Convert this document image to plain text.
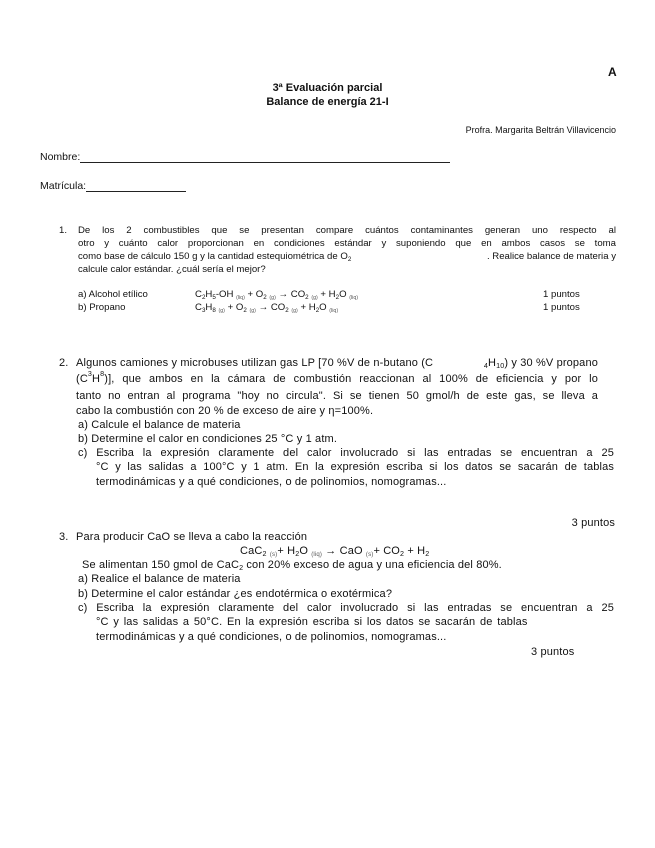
A
3ª Evaluación parcial
Balance de energía 21-I
Profra. Margarita Beltrán Villavicencio
Nombre:
Matrícula:
1. De los 2 combustibles que se presentan compare cuántos contaminantes generan uno respecto al
otro y cuánto calor proporcionan en condiciones estándar y suponiendo que en ambos casos se toma
como base de cálculo 150 g y la cantidad estequiométrica de $O_2$	. Realice balance de materia y
calcule calor estándar. ¿cuál sería el mejor?
a) Alcohol etílico	$C_2H_5-OH$ $_{(liq)} + O_2$ $_{(g)} \to CO_2$ $_{(g)} + H_2O$ $_{(liq)}$	1 puntos
b) Propano	$C_3H_8$ $_{(g)} + O_2$ $_{(g)} \to CO_2$ $_{(g)} + H_2O$ $_{(liq)}$	1 puntos
2. Algunos camiones y microbuses utilizan gas LP [70 %V de n-butano (C	$_4H_{10}$) y 30 %V propano
(C 3 H 8 )], que ambos en la cámara de combustión reaccionan al 100% de eficiencia y por lo
tanto no entran al programa "hoy no circula". Si se tienen 50 gmol/h de este gas, se lleva a
cabo la combustión con 20 % de exceso de aire y η=100%.
a) Calcule el balance de materia
b) Determine el calor en condiciones 25 °C y 1 atm.
c) Escriba la expresión claramente del calor involucrado si las entradas se encuentran a 25
°C y las salidas a 100°C y 1 atm. En la expresión escriba si los datos se sacarán de tablas
termodinámicas y a qué condiciones, o de polinomios, nomogramas...
3 puntos
3. Para producir CaO se lleva a cabo la reacción
CaC$_2$ $(s)+ H_2O$ (liq) → CaO $(s)+ CO_2 + H_2$
Se alimentan 150 gmol de CaC$_2$ con 20% exceso de agua y una eficiencia del 80%.
a) Realice el balance de materia
b) Determine el calor estándar ¿es endotérmica o exotérmica?
c) Escriba la expresión claramente del calor involucrado si las entradas se encuentran a 25
°C y las salidas a 50°C. En la expresión escriba si los datos se sacarán de tablas
termodinámicas y a qué condiciones, o de polinomios, nomogramas...
3 puntos
